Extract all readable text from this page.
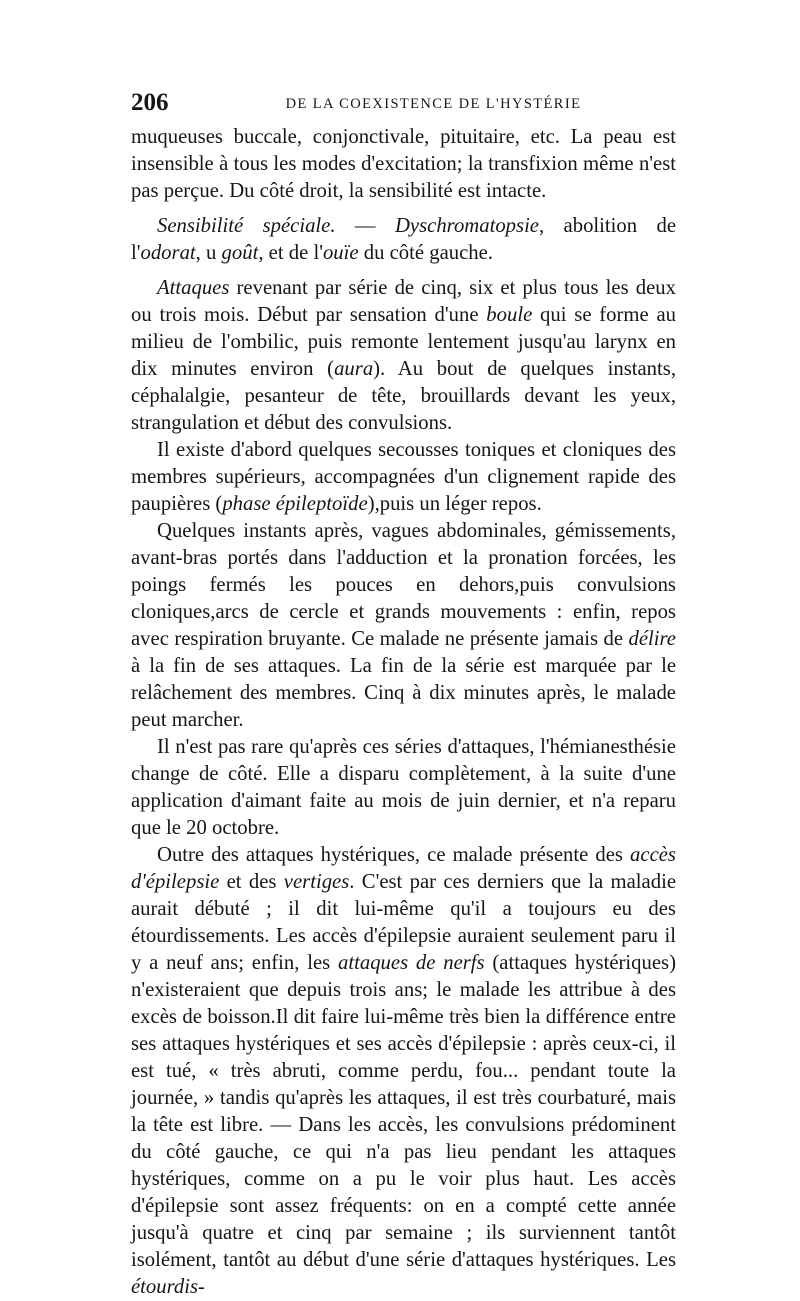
206	DE LA COEXISTENCE DE L'HYSTÉRIE

muqueuses buccale, conjonctivale, pituitaire, etc. La peau est insensible à tous les modes d'excitation; la transfixion même n'est pas perçue. Du côté droit, la sensibilité est intacte.

Sensibilité spéciale. — Dyschromatopsie, abolition de l'odorat, u goût, et de l'ouïe du côté gauche.

Attaques revenant par série de cinq, six et plus tous les deux ou trois mois. Début par sensation d'une boule qui se forme au milieu de l'ombilic, puis remonte lentement jusqu'au larynx en dix minutes environ (aura). Au bout de quelques instants, céphalalgie, pesanteur de tête, brouillards devant les yeux, strangulation et début des convulsions.

Il existe d'abord quelques secousses toniques et cloniques des membres supérieurs, accompagnées d'un clignement rapide des paupières (phase épileptoïde),puis un léger repos.

Quelques instants après, vagues abdominales, gémissements, avant-bras portés dans l'adduction et la pronation forcées, les poings fermés les pouces en dehors,puis convulsions cloniques,arcs de cercle et grands mouvements : enfin, repos avec respiration bruyante. Ce malade ne présente jamais de délire à la fin de ses attaques. La fin de la série est marquée par le relâchement des membres. Cinq à dix minutes après, le malade peut marcher.

Il n'est pas rare qu'après ces séries d'attaques, l'hémianesthésie change de côté. Elle a disparu complètement, à la suite d'une application d'aimant faite au mois de juin dernier, et n'a reparu que le 20 octobre.

Outre des attaques hystériques, ce malade présente des accès d'épilepsie et des vertiges. C'est par ces derniers que la maladie aurait débuté ; il dit lui-même qu'il a toujours eu des étourdissements. Les accès d'épilepsie auraient seulement paru il y a neuf ans; enfin, les attaques de nerfs (attaques hystériques) n'existeraient que depuis trois ans; le malade les attribue à des excès de boisson.Il dit faire lui-même très bien la différence entre ses attaques hystériques et ses accès d'épilepsie : après ceux-ci, il est tué, « très abruti, comme perdu, fou... pendant toute la journée, » tandis qu'après les attaques, il est très courbaturé, mais la tête est libre. — Dans les accès, les convulsions prédominent du côté gauche, ce qui n'a pas lieu pendant les attaques hystériques, comme on a pu le voir plus haut. Les accès d'épilepsie sont assez fréquents: on en a compté cette année jusqu'à quatre et cinq par semaine ; ils surviennent tantôt isolément, tantôt au début d'une série d'attaques hystériques. Les étourdis-
